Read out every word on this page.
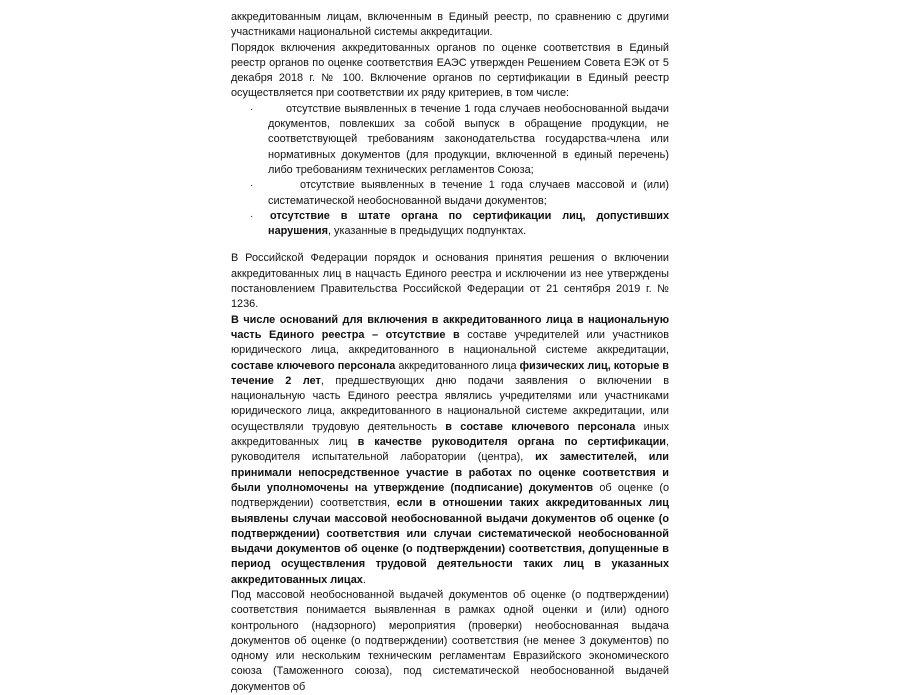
аккредитованным лицам, включенным в Единый реестр, по сравнению с другими участниками национальной системы аккредитации.

Порядок включения аккредитованных органов по оценке соответствия в Единый реестр органов по оценке соответствия ЕАЭС утвержден Решением Совета ЕЭК от 5 декабря 2018 г. № 100. Включение органов по сертификации в Единый реестр осуществляется при соответствии их ряду критериев, в том числе:

·	отсутствие выявленных в течение 1 года случаев необоснованной выдачи документов, повлекших за собой выпуск в обращение продукции, не соответствующей требованиям законодательства государства-члена или нормативных документов (для продукции, включенной в единый перечень) либо требованиям технических регламентов Союза;
·	отсутствие выявленных в течение 1 года случаев массовой и (или) систематической необоснованной выдачи документов;
· отсутствие в штате органа по сертификации лиц, допустивших нарушения, указанные в предыдущих подпунктах.

В Российской Федерации порядок и основания принятия решения о включении аккредитованных лиц в нацчасть Единого реестра и исключении из нее утверждены постановлением Правительства Российской Федерации от 21 сентября 2019 г. № 1236.

В числе оснований для включения в аккредитованного лица в национальную часть Единого реестра – отсутствие в составе учредителей или участников юридического лица, аккредитованного в национальной системе аккредитации, составе ключевого персонала аккредитованного лица физических лиц, которые в течение 2 лет, предшествующих дню подачи заявления о включении в национальную часть Единого реестра являлись учредителями или участниками юридического лица, аккредитованного в национальной системе аккредитации, или осуществляли трудовую деятельность в составе ключевого персонала иных аккредитованных лиц в качестве руководителя органа по сертификации, руководителя испытательной лаборатории (центра), их заместителей, или принимали непосредственное участие в работах по оценке соответствия и были уполномочены на утверждение (подписание) документов об оценке (о подтверждении) соответствия, если в отношении таких аккредитованных лиц выявлены случаи массовой необоснованной выдачи документов об оценке (о подтверждении) соответствия или случаи систематической необоснованной выдачи документов об оценке (о подтверждении) соответствия, допущенные в период осуществления трудовой деятельности таких лиц в указанных аккредитованных лицах.

Под массовой необоснованной выдачей документов об оценке (о подтверждении) соответствия понимается выявленная в рамках одной оценки и (или) одного контрольного (надзорного) мероприятия (проверки) необоснованная выдача документов об оценке (о подтверждении) соответствия (не менее 3 документов) по одному или нескольким техническим регламентам Евразийского экономического союза (Таможенного союза), под систематической необоснованной выдачей документов об
